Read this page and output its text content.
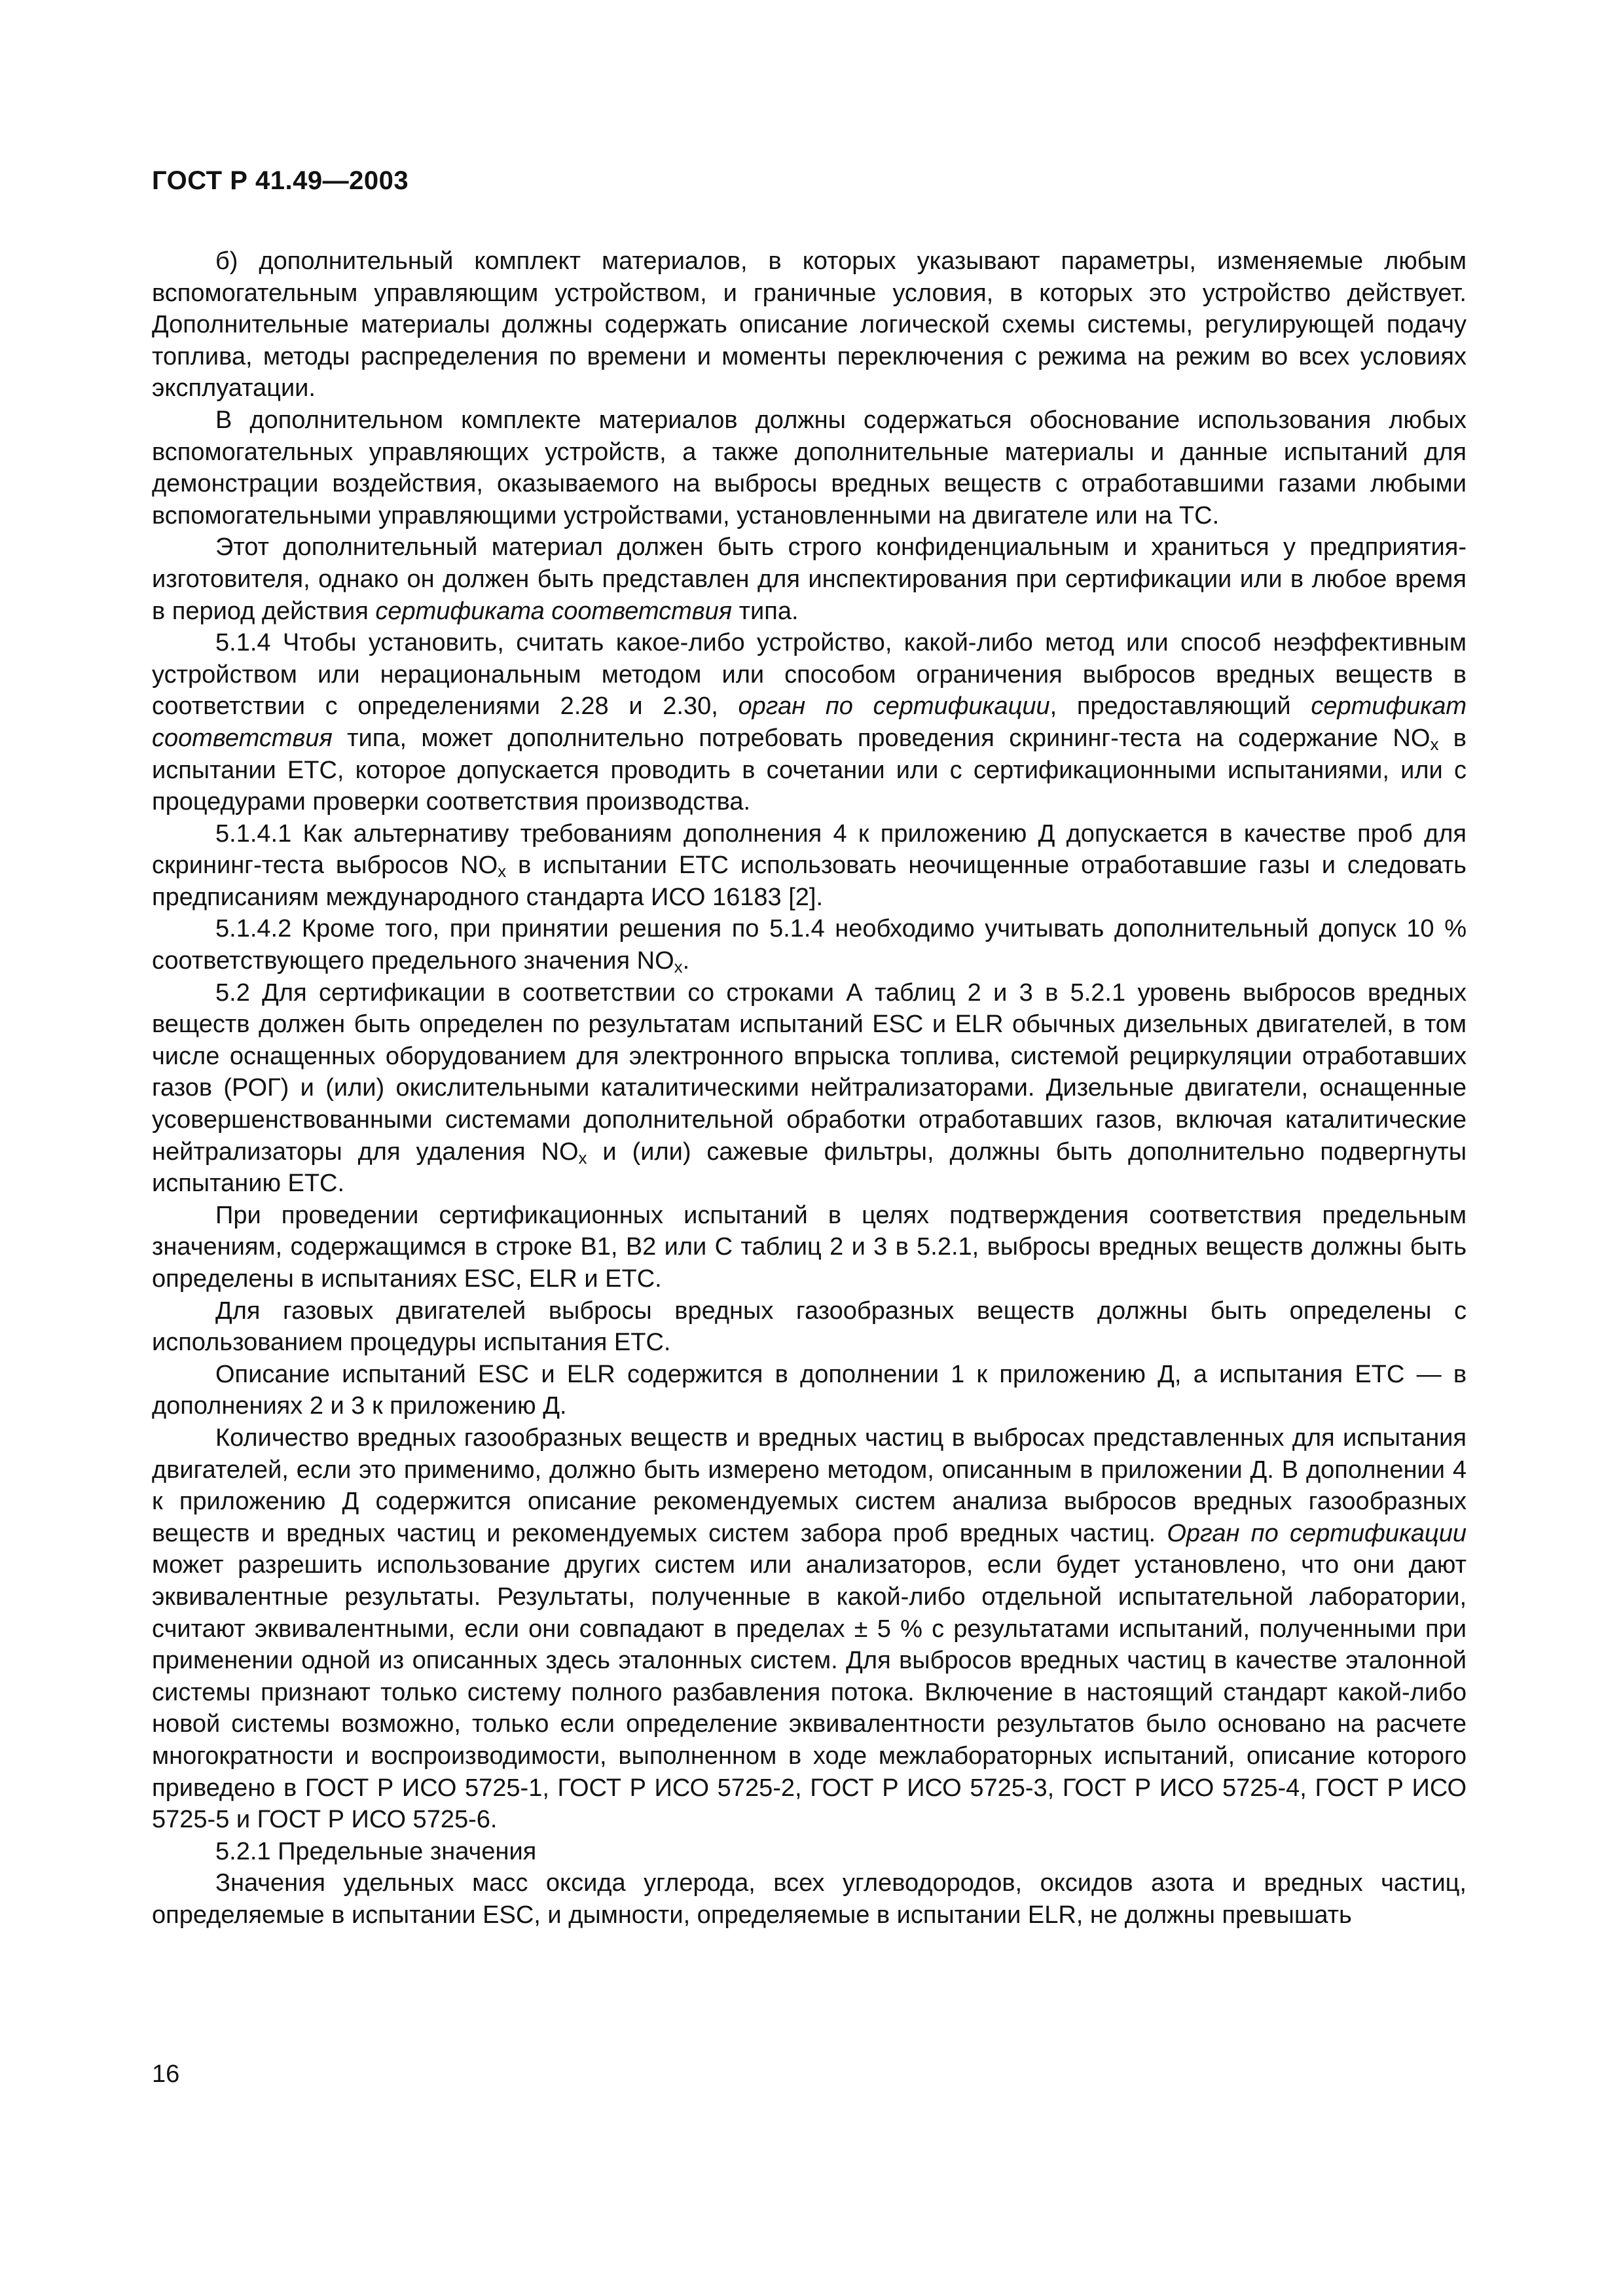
ГОСТ Р 41.49—2003

б) дополнительный комплект материалов, в которых указывают параметры, изменяемые любым вспомогательным управляющим устройством, и граничные условия, в которых это устройство действует. Дополнительные материалы должны содержать описание логической схемы системы, регулирующей подачу топлива, методы распределения по времени и моменты переключения с режима на режим во всех условиях эксплуатации.

В дополнительном комплекте материалов должны содержаться обоснование использования любых вспомогательных управляющих устройств, а также дополнительные материалы и данные испытаний для демонстрации воздействия, оказываемого на выбросы вредных веществ с отработавшими газами любыми вспомогательными управляющими устройствами, установленными на двигателе или на ТС.

Этот дополнительный материал должен быть строго конфиденциальным и храниться у предприятия-изготовителя, однако он должен быть представлен для инспектирования при сертификации или в любое время в период действия сертификата соответствия типа.

5.1.4 Чтобы установить, считать какое-либо устройство, какой-либо метод или способ неэффективным устройством или нерациональным методом или способом ограничения выбросов вредных веществ в соответствии с определениями 2.28 и 2.30, орган по сертификации, предоставляющий сертификат соответствия типа, может дополнительно потребовать проведения скрининг-теста на содержание $NO_x$ в испытании ЕТС, которое допускается проводить в сочетании или с сертификационными испытаниями, или с процедурами проверки соответствия производства.

5.1.4.1 Как альтернативу требованиям дополнения 4 к приложению Д допускается в качестве проб для скрининг-теста выбросов $NO_x$ в испытании ЕТС использовать неочищенные отработавшие газы и следовать предписаниям международного стандарта ИСО 16183 [2].

5.1.4.2 Кроме того, при принятии решения по 5.1.4 необходимо учитывать дополнительный допуск 10 % соответствующего предельного значения $NO_x$.

5.2 Для сертификации в соответствии со строками А таблиц 2 и 3 в 5.2.1 уровень выбросов вредных веществ должен быть определен по результатам испытаний ESC и ELR обычных дизельных двигателей, в том числе оснащенных оборудованием для электронного впрыска топлива, системой рециркуляции отработавших газов (РОГ) и (или) окислительными каталитическими нейтрализаторами. Дизельные двигатели, оснащенные усовершенствованными системами дополнительной обработки отработавших газов, включая каталитические нейтрализаторы для удаления $NO_x$ и (или) сажевые фильтры, должны быть дополнительно подвергнуты испытанию ЕТС.

При проведении сертификационных испытаний в целях подтверждения соответствия предельным значениям, содержащимся в строке В1, В2 или С таблиц 2 и 3 в 5.2.1, выбросы вредных веществ должны быть определены в испытаниях ESC, ELR и ЕТС.

Для газовых двигателей выбросы вредных газообразных веществ должны быть определены с использованием процедуры испытания ЕТС.

Описание испытаний ESC и ELR содержится в дополнении 1 к приложению Д, а испытания ЕТС — в дополнениях 2 и 3 к приложению Д.

Количество вредных газообразных веществ и вредных частиц в выбросах представленных для испытания двигателей, если это применимо, должно быть измерено методом, описанным в приложении Д. В дополнении 4 к приложению Д содержится описание рекомендуемых систем анализа выбросов вредных газообразных веществ и вредных частиц и рекомендуемых систем забора проб вредных частиц. Орган по сертификации может разрешить использование других систем или анализаторов, если будет установлено, что они дают эквивалентные результаты. Результаты, полученные в какой-либо отдельной испытательной лаборатории, считают эквивалентными, если они совпадают в пределах ± 5 % с результатами испытаний, полученными при применении одной из описанных здесь эталонных систем. Для выбросов вредных частиц в качестве эталонной системы признают только систему полного разбавления потока. Включение в настоящий стандарт какой-либо новой системы возможно, только если определение эквивалентности результатов было основано на расчете многократности и воспроизводимости, выполненном в ходе межлабораторных испытаний, описание которого приведено в ГОСТ Р ИСО 5725-1, ГОСТ Р ИСО 5725-2, ГОСТ Р ИСО 5725-3, ГОСТ Р ИСО 5725-4, ГОСТ Р ИСО 5725-5 и ГОСТ Р ИСО 5725-6.

5.2.1 Предельные значения

Значения удельных масс оксида углерода, всех углеводородов, оксидов азота и вредных частиц, определяемые в испытании ESC, и дымности, определяемые в испытании ELR, не должны превышать

16
